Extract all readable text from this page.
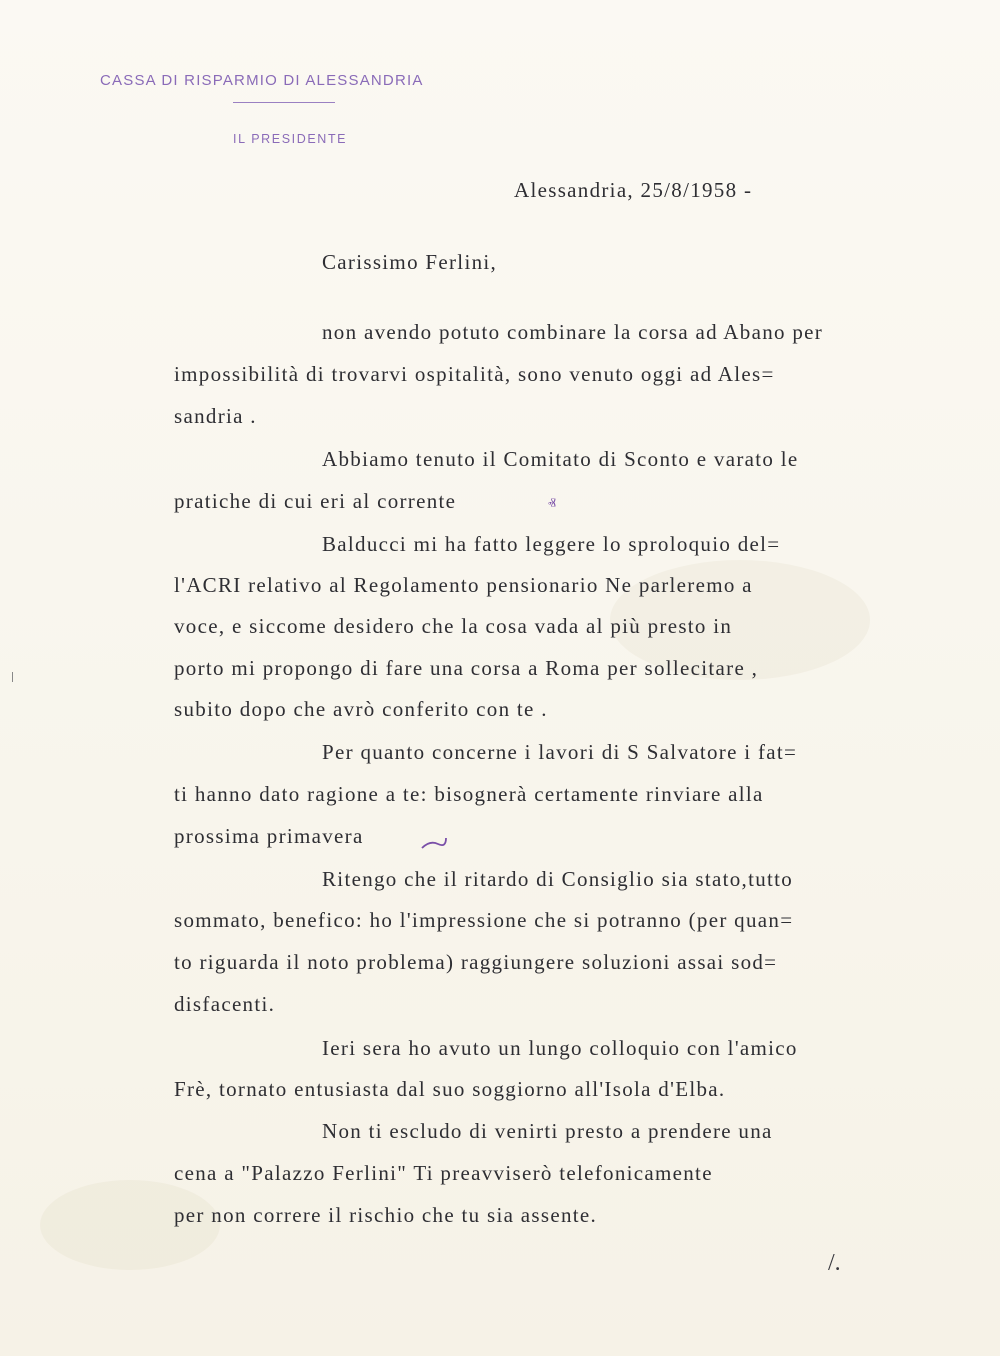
CASSA DI RISPARMIO DI ALESSANDRIA
IL PRESIDENTE
Alessandria, 25/8/1958 -
Carissimo Ferlini,
non avendo potuto combinare la corsa ad Abano per
impossibilità di trovarvi ospitalità, sono venuto oggi ad Ales=
sandria .
Abbiamo tenuto il Comitato di Sconto e varato le
pratiche di cui eri al corrente
Balducci mi ha fatto leggere lo sproloquio del=
l'ACRI relativo al Regolamento pensionario Ne parleremo a
voce, e siccome desidero che la cosa vada al più presto in
porto mi propongo di fare una corsa a Roma per sollecitare ,
subito dopo che avrò conferito con te .
Per quanto concerne i lavori di S Salvatore i fat=
ti hanno dato ragione a te: bisognerà certamente rinviare alla
prossima primavera
Ritengo che il ritardo di Consiglio sia stato,tutto
sommato, benefico: ho l'impressione che si potranno (per quan=
to riguarda il noto problema) raggiungere soluzioni assai sod=
disfacenti.
Ieri sera ho avuto un lungo colloquio con l'amico
Frè, tornato entusiasta dal suo soggiorno all'Isola d'Elba.
Non ti escludo di venirti presto a prendere una
cena a "Palazzo Ferlini" Ti preavviserò telefonicamente
per non correre il rischio che tu sia assente.
ⱏ
/.
